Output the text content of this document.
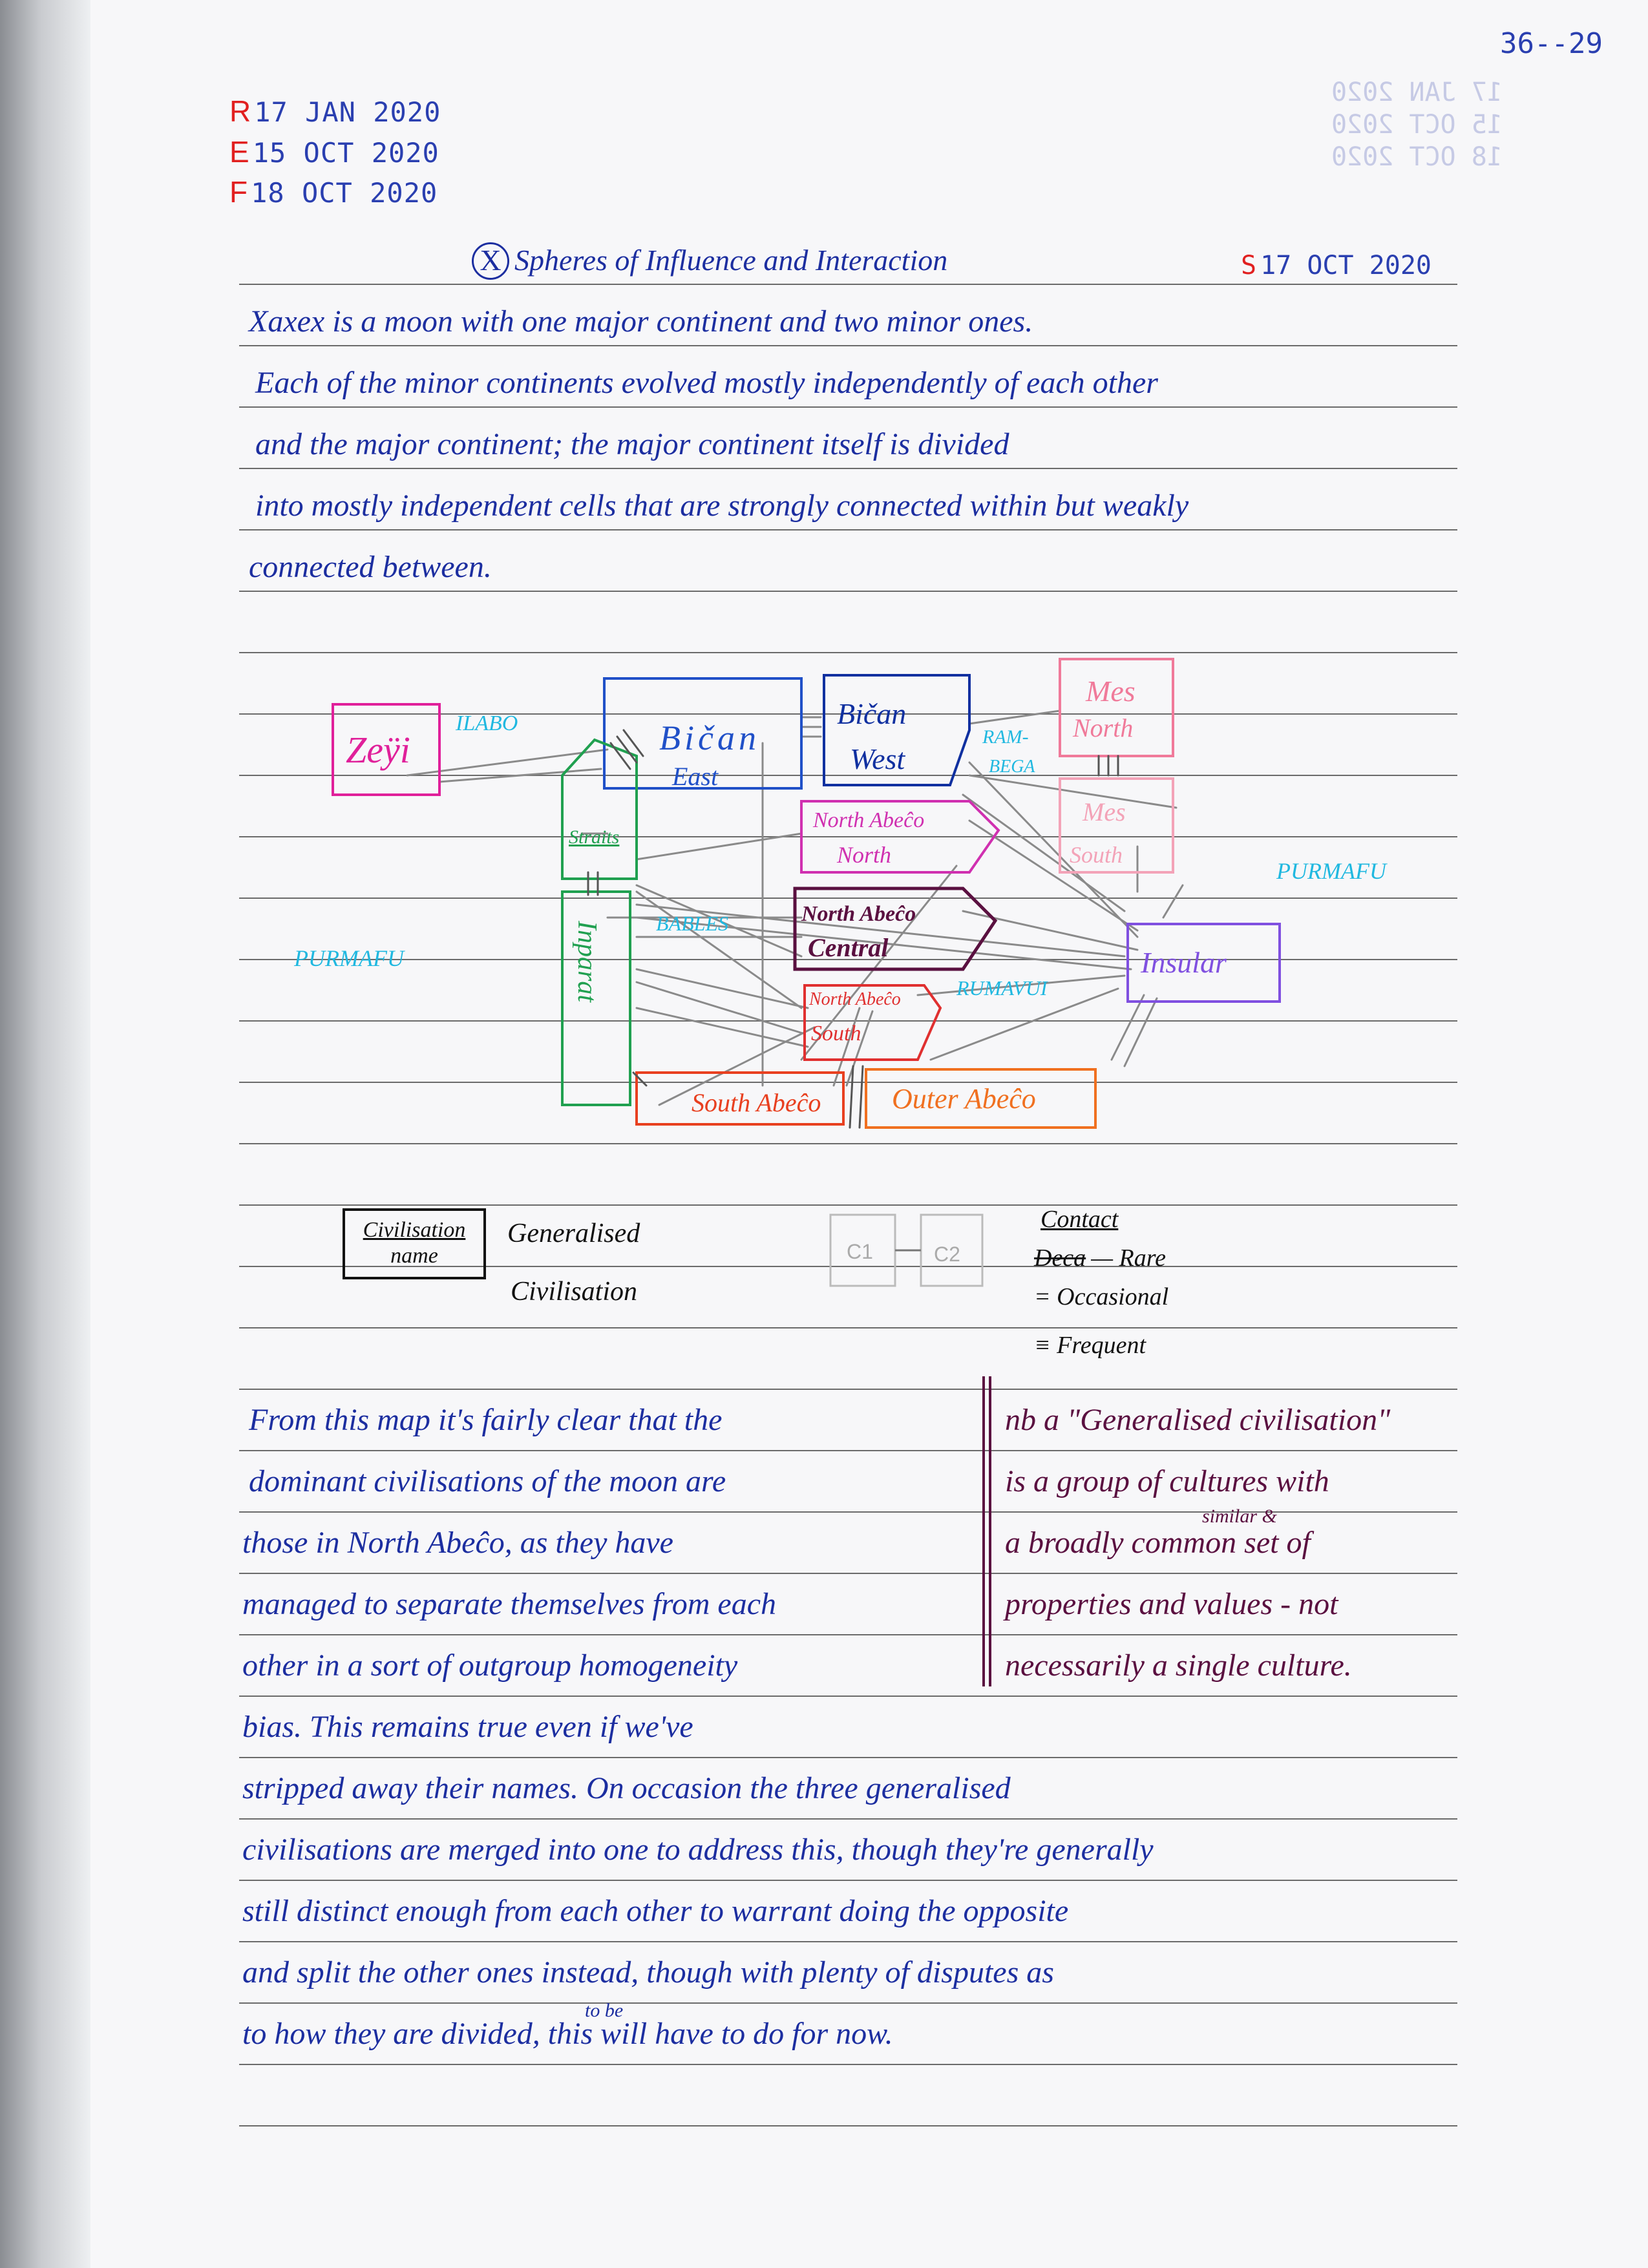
17 JAN 2020
15 OCT 2020
18 OCT 2020
36--29
R17 JAN 2020
E15 OCT 2020
F18 OCT 2020
X Spheres of Influence and Interaction	S 17 OCT 2020
Xaxex is a moon with one major continent and two minor ones.
Each of the minor continents evolved mostly independently of each other
and the major continent; the major continent itself is divided
into mostly independent cells that are strongly connected within but weakly
connected between.
Zeÿi	Bičan
East
Bičan
West
Mes
North
Mes
South
Straits
Inparat
North Abeĉo
North
North Abeĉo
Central
North Abeĉo
South
Insular
South Abeĉo Outer Abeĉo
ILABO
RAM-
BEGA
PURMAFU
PURMAFU
BABLES
RUMAVUI
Civilisation
name
Generalised
Civilisation
C1	C2
Contact
Deca — Rare
= Occasional
≡ Frequent
From this map it's fairly clear that the
dominant civilisations of the moon are
those in North Abeĉo, as they have
managed to separate themselves from each
other in a sort of outgroup homogeneity
bias. This remains true even if we've
nb a "Generalised civilisation"
is a group of cultures with
similar &
a broadly common set of
properties and values - not
necessarily a single culture.
stripped away their names. On occasion the three generalised
civilisations are merged into one to address this, though they're generally
still distinct enough from each other to warrant doing the opposite
and split the other ones instead, though with plenty of disputes as
to be
to how they are divided, this will have to do for now.
